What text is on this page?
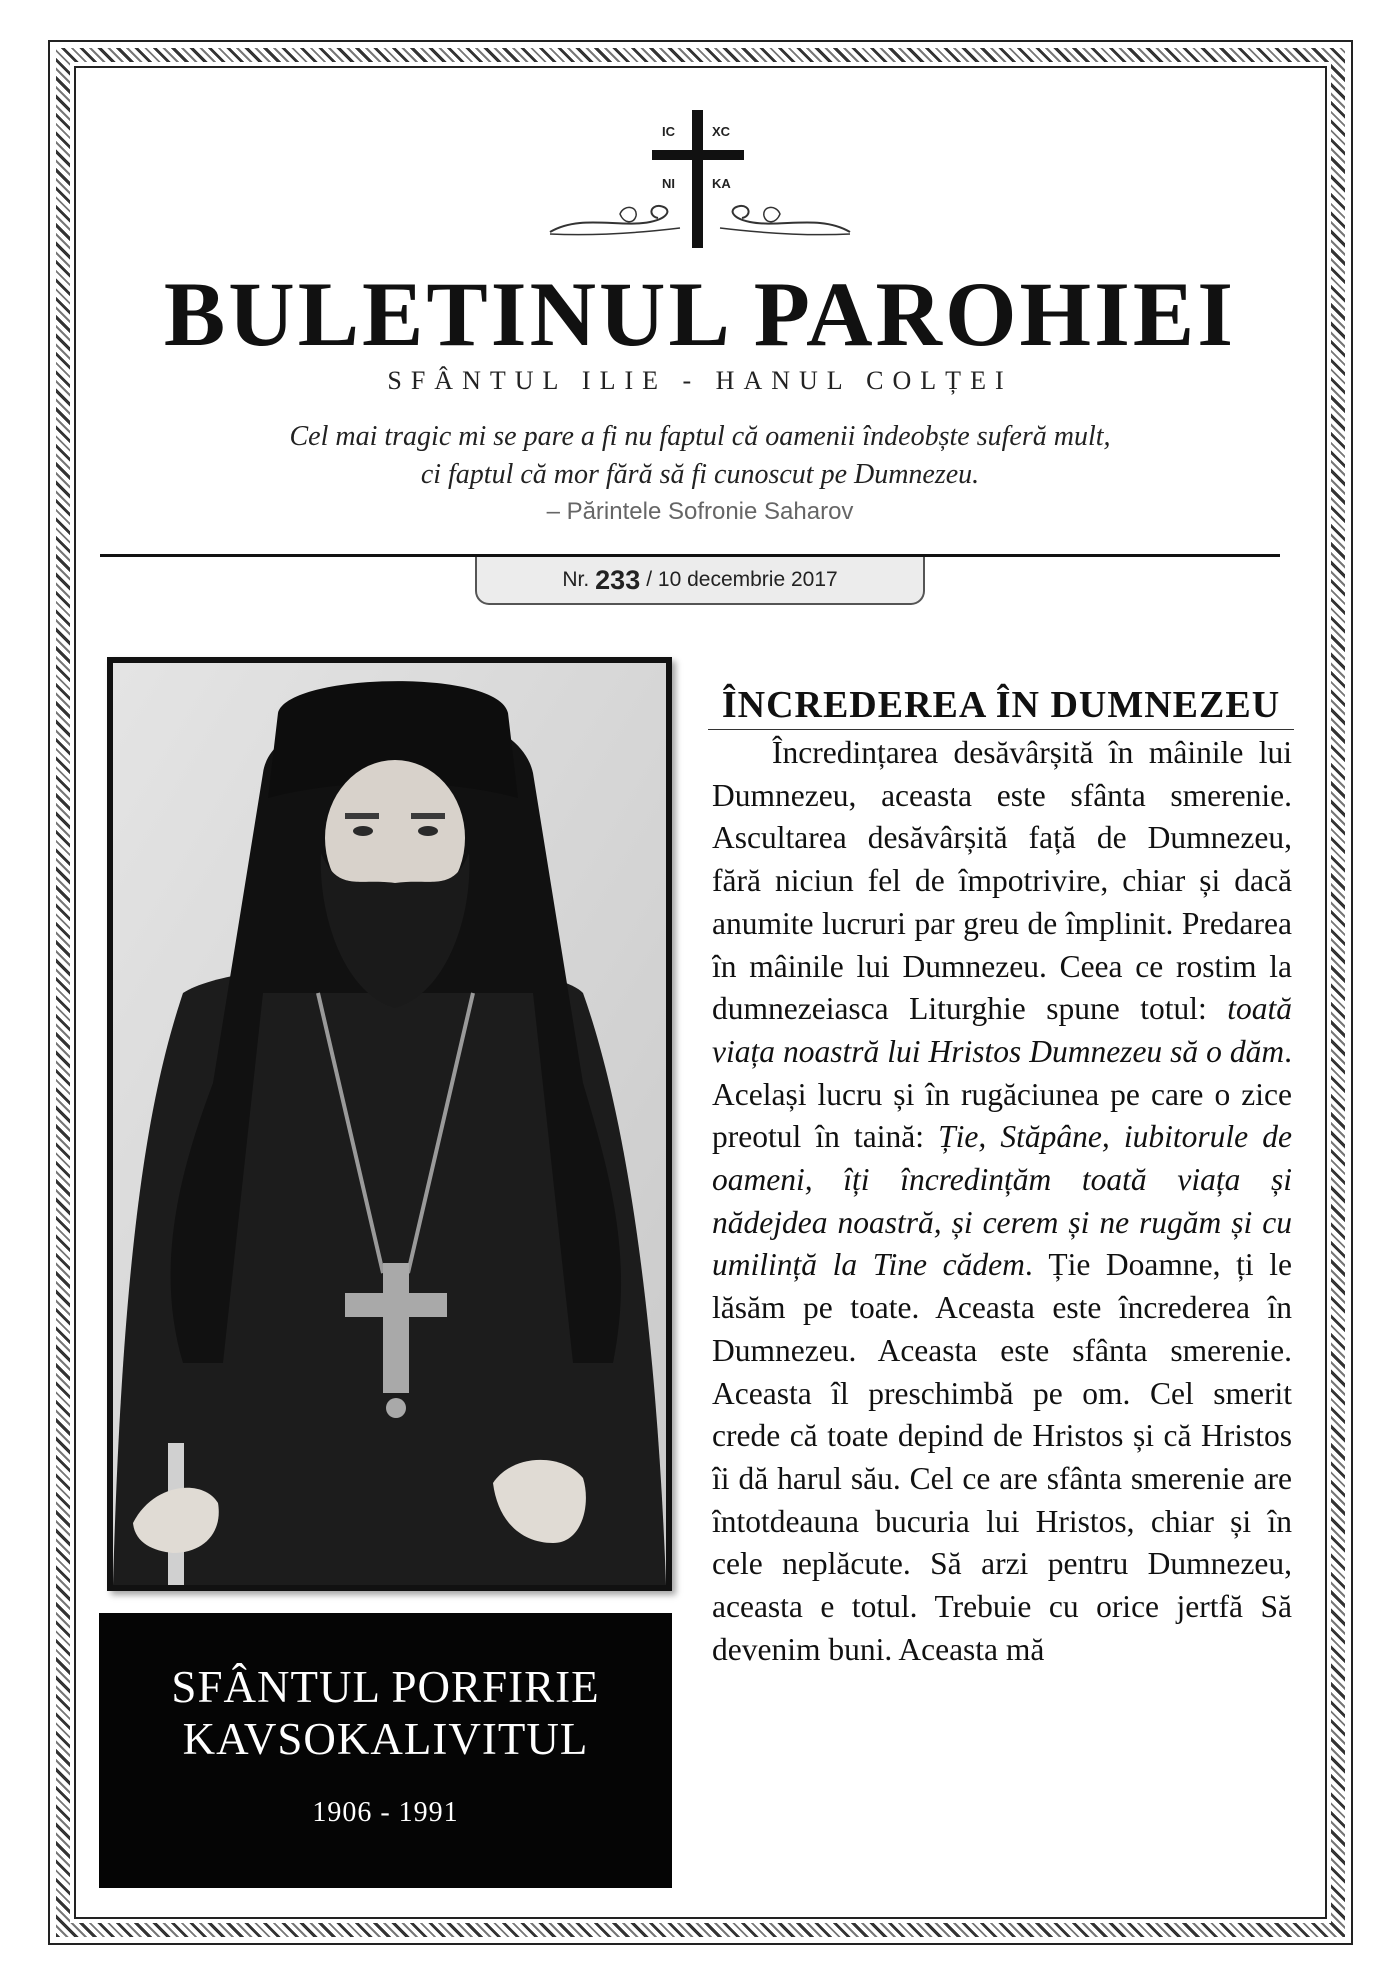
IC	XC
NI	KA
BULETINUL PAROHIEI
SFÂNTUL ILIE - HANUL COLȚEI
Cel mai tragic mi se pare a fi nu faptul că oamenii îndeobște suferă mult,
ci faptul că mor fără să fi cunoscut pe Dumnezeu.
– Părintele Sofronie Saharov
Nr. 233 / 10 decembrie 2017
SFÂNTUL PORFIRIE
KAVSOKALIVITUL
1906 - 1991
ÎNCREDEREA ÎN DUMNEZEU
Încredințarea desăvârșită în mâinile lui Dumnezeu, aceasta este sfânta smerenie. Ascultarea desăvârșită față de Dumnezeu, fără niciun fel de împotrivire, chiar și dacă anumite lucruri par greu de împlinit. Predarea în mâinile lui Dumnezeu. Ceea ce rostim la dumnezeiasca Liturghie spune totul: toată viața noastră lui Hristos Dumnezeu să o dăm. Același lucru și în rugăciunea pe care o zice preotul în taină: Ție, Stăpâne, iubitorule de oameni, îți încredințăm toată viața și nădejdea noastră, și cerem și ne rugăm și cu umilință la Tine cădem. Ție Doamne, ți le lăsăm pe toate. Aceasta este încrederea în Dumnezeu. Aceasta este sfânta smerenie. Aceasta îl preschimbă pe om. Cel smerit crede că toate depind de Hristos și că Hristos îi dă harul său. Cel ce are sfânta smerenie are întotdeauna bucuria lui Hristos, chiar și în cele neplăcute. Să arzi pentru Dumnezeu, aceasta e totul. Trebuie cu orice jertfă Să devenim buni. Aceasta mă
